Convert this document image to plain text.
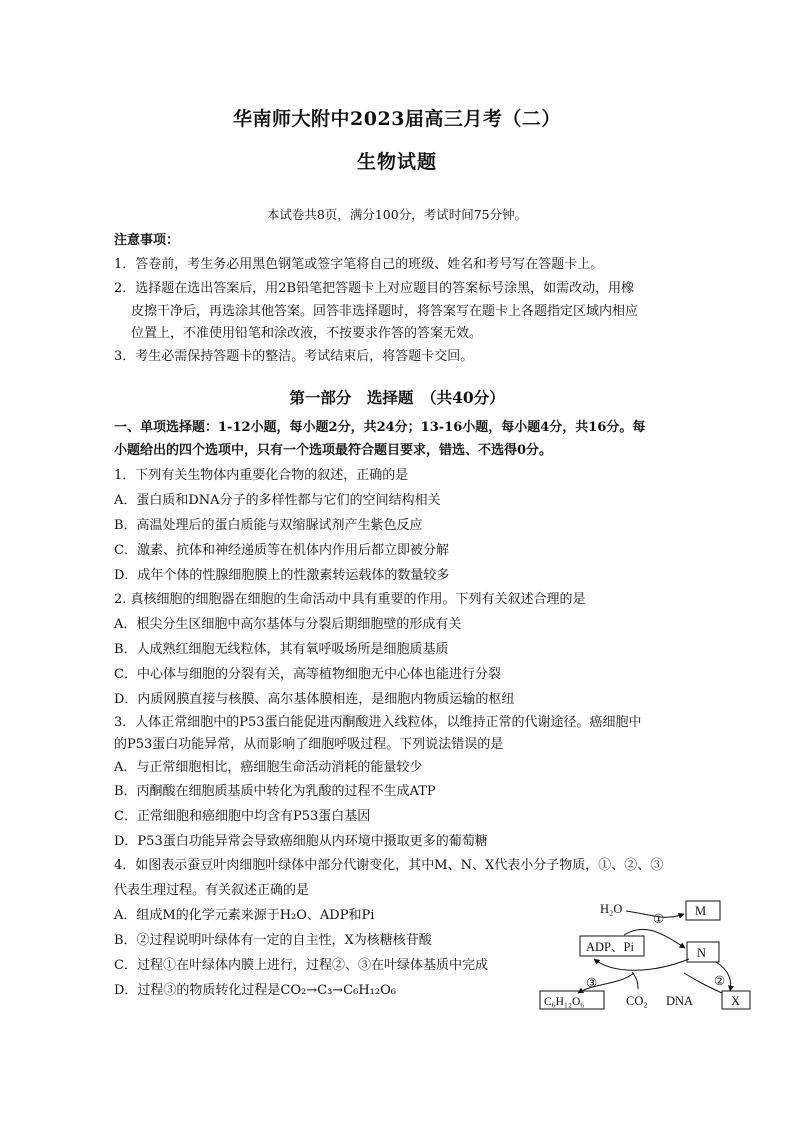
华南师大附中2023届高三月考（二）
生物试题
本试卷共8页，满分100分，考试时间75分钟。
注意事项：
1．答卷前，考生务必用黑色钢笔或签字笔将自己的班级、姓名和考号写在答题卡上。
2．选择题在选出答案后，用2B铅笔把答题卡上对应题目的答案标号涂黑，如需改动，用橡
皮擦干净后，再选涂其他答案。回答非选择题时，将答案写在题卡上各题指定区域内相应
位置上，不准使用铅笔和涂改液，不按要求作答的答案无效。
3．考生必需保持答题卡的整洁。考试结束后，将答题卡交回。
第一部分　选择题　（共40分）
一、单项选择题：1-12小题，每小题2分，共24分；13-16小题，每小题4分，共16分。每
小题给出的四个选项中，只有一个选项最符合题目要求，错选、不选得0分。
1．下列有关生物体内重要化合物的叙述，正确的是
A．蛋白质和DNA分子的多样性都与它们的空间结构相关
B．高温处理后的蛋白质能与双缩脲试剂产生紫色反应
C．激素、抗体和神经递质等在机体内作用后都立即被分解
D．成年个体的性腺细胞膜上的性激素转运载体的数量较多
2. 真核细胞的细胞器在细胞的生命活动中具有重要的作用。下列有关叙述合理的是
A．根尖分生区细胞中高尔基体与分裂后期细胞壁的形成有关
B．人成熟红细胞无线粒体，其有氧呼吸场所是细胞质基质
C．中心体与细胞的分裂有关，高等植物细胞无中心体也能进行分裂
D．内质网膜直接与核膜、高尔基体膜相连，是细胞内物质运输的枢纽
3．人体正常细胞中的P53蛋白能促进丙酮酸进入线粒体，以维持正常的代谢途径。癌细胞中
的P53蛋白功能异常，从而影响了细胞呼吸过程。下列说法错误的是
A．与正常细胞相比，癌细胞生命活动消耗的能量较少
B．丙酮酸在细胞质基质中转化为乳酸的过程不生成ATP
C．正常细胞和癌细胞中均含有P53蛋白基因
D．P53蛋白功能异常会导致癌细胞从内环境中摄取更多的葡萄糖
4．如图表示蚕豆叶肉细胞叶绿体中部分代谢变化，其中M、N、X代表小分子物质，①、②、③
代表生理过程。有关叙述正确的是
A．组成M的化学元素来源于H₂O、ADP和Pi
B．②过程说明叶绿体有一定的自主性，X为核糖核苷酸
C．过程①在叶绿体内膜上进行，过程②、③在叶绿体基质中完成
D．过程③的物质转化过程是CO₂→C₃→C₆H₁₂O₆
H₂O	M
①
ADP、Pi	N
③	②
C₆H₁₂O₆	CO₂ DNA	X
